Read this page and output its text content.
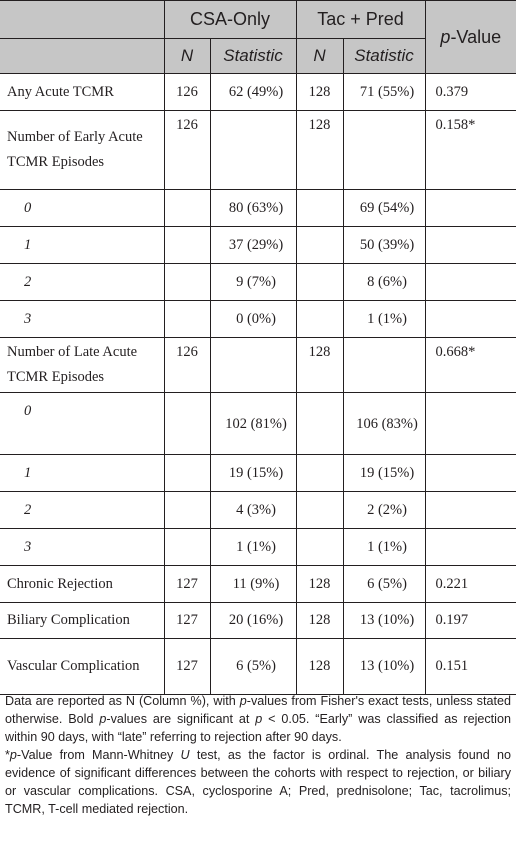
	CSA-Only		Tac + Pred		p-Value
	N	Statistic	N	Statistic	
Any Acute TCMR	126	62 (49%)	128	71 (55%)	0.379
Number of Early Acute TCMR Episodes	126		128		0.158*
0		80 (63%)		69 (54%)	
1		37 (29%)		50 (39%)	
2		9 (7%)		8 (6%)	
3		0 (0%)		1 (1%)	
Number of Late Acute TCMR Episodes	126		128		0.668*
0		102 (81%)		106 (83%)	
1		19 (15%)		19 (15%)	
2		4 (3%)		2 (2%)	
3		1 (1%)		1 (1%)	
Chronic Rejection	127	11 (9%)	128	6 (5%)	0.221
Biliary Complication	127	20 (16%)	128	13 (10%)	0.197
Vascular Complication	127	6 (5%)	128	13 (10%)	0.151

Data are reported as N (Column %), with p-values from Fisher's exact tests, unless stated otherwise. Bold p-values are significant at p < 0.05. “Early” was classified as rejection within 90 days, with “late” referring to rejection after 90 days.

*p-Value from Mann-Whitney U test, as the factor is ordinal. The analysis found no evidence of significant differences between the cohorts with respect to rejection, or biliary or vascular complications. CSA, cyclosporine A; Pred, prednisolone; Tac, tacrolimus; TCMR, T-cell mediated rejection.
